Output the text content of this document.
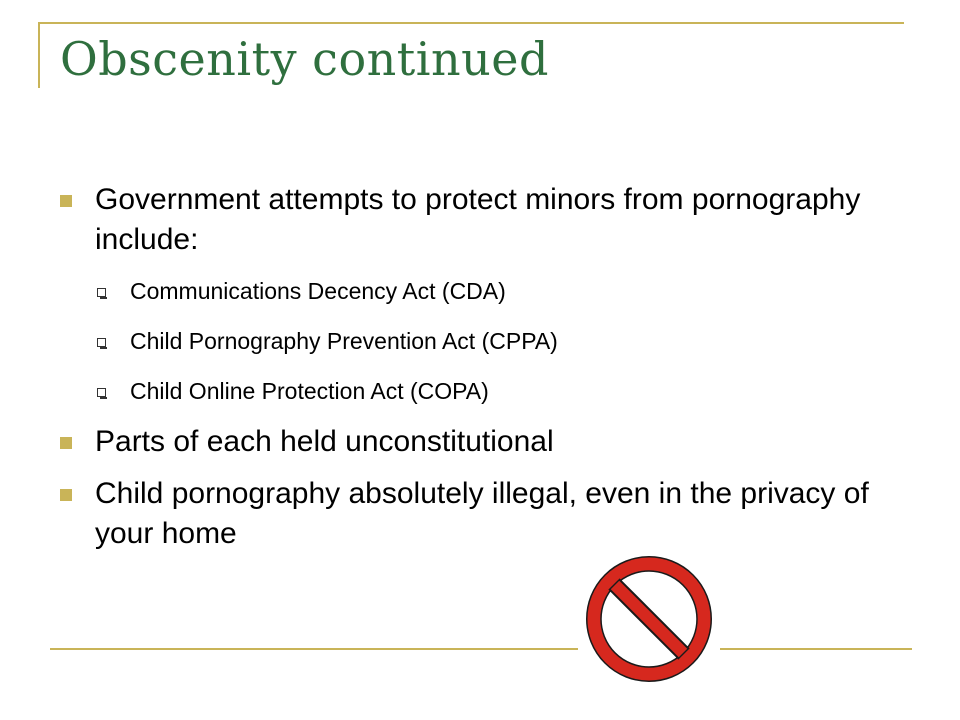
Obscenity continued
Government attempts to protect minors from pornography include:
Communications Decency Act (CDA)
Child Pornography Prevention Act (CPPA)
Child Online Protection Act (COPA)
Parts of each held unconstitutional
Child pornography absolutely illegal, even in the privacy of your home
